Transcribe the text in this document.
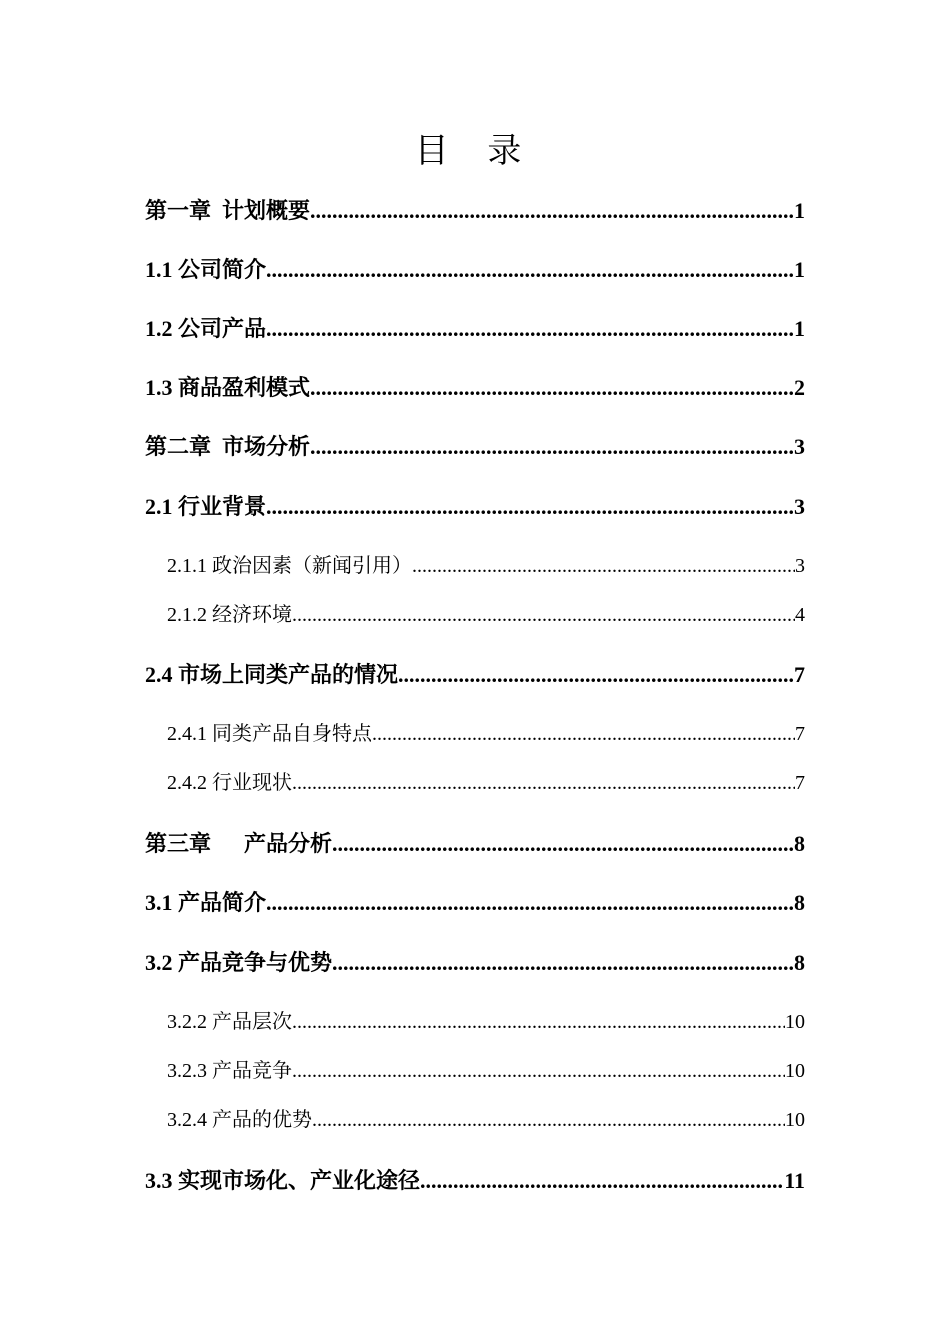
目 录
第一章  计划概要 .....	1
1.1 公司简介 .....	1
1.2 公司产品 .....	1
1.3 商品盈利模式 .....	2
第二章  市场分析 .....	3
2.1 行业背景 .....	3
2.1.1 政治因素（新闻引用） .....	3
2.1.2 经济环境 .....	4
2.4 市场上同类产品的情况 .....	7
2.4.1 同类产品自身特点 .....	7
2.4.2 行业现状 .....	7
第三章      产品分析 .....	8
3.1 产品简介 .....	8
3.2 产品竞争与优势 .....	8
3.2.2 产品层次 .....	10
3.2.3 产品竞争 .....	10
3.2.4 产品的优势 .....	10
3.3 实现市场化、产业化途径 .....	11
